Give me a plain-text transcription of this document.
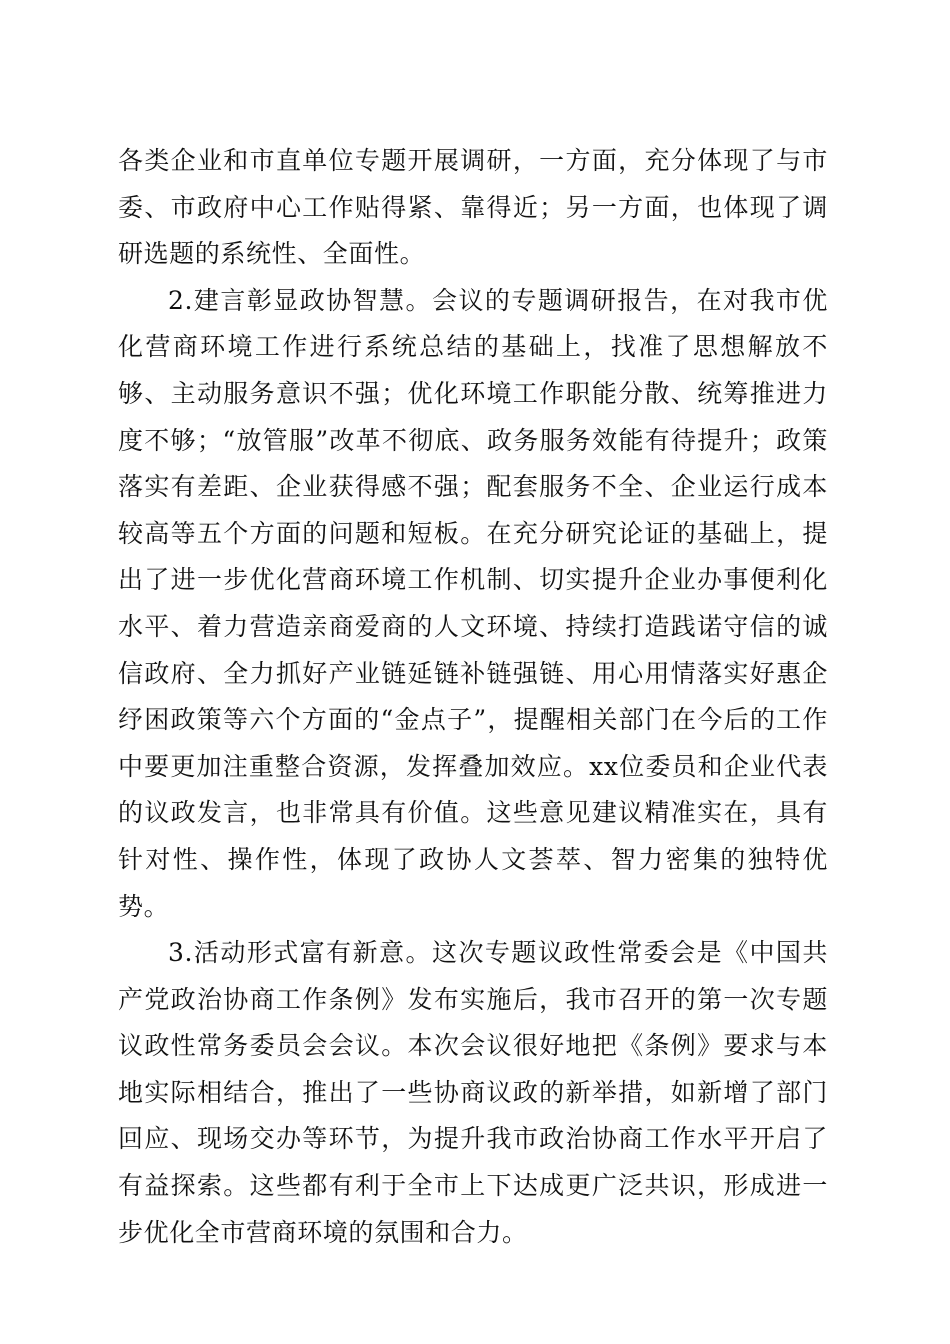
各类企业和市直单位专题开展调研，一方面，充分体现了与市委、市政府中心工作贴得紧、靠得近；另一方面，也体现了调研选题的系统性、全面性。

2.建言彰显政协智慧。会议的专题调研报告，在对我市优化营商环境工作进行系统总结的基础上，找准了思想解放不够、主动服务意识不强；优化环境工作职能分散、统筹推进力度不够；“放管服”改革不彻底、政务服务效能有待提升；政策落实有差距、企业获得感不强；配套服务不全、企业运行成本较高等五个方面的问题和短板。在充分研究论证的基础上，提出了进一步优化营商环境工作机制、切实提升企业办事便利化水平、着力营造亲商爱商的人文环境、持续打造践诺守信的诚信政府、全力抓好产业链延链补链强链、用心用情落实好惠企纾困政策等六个方面的“金点子”，提醒相关部门在今后的工作中要更加注重整合资源，发挥叠加效应。xx位委员和企业代表的议政发言，也非常具有价值。这些意见建议精准实在，具有针对性、操作性，体现了政协人文荟萃、智力密集的独特优势。

3.活动形式富有新意。这次专题议政性常委会是《中国共产党政治协商工作条例》发布实施后，我市召开的第一次专题议政性常务委员会会议。本次会议很好地把《条例》要求与本地实际相结合，推出了一些协商议政的新举措，如新增了部门回应、现场交办等环节，为提升我市政治协商工作水平开启了有益探索。这些都有利于全市上下达成更广泛共识，形成进一步优化全市营商环境的氛围和合力。
